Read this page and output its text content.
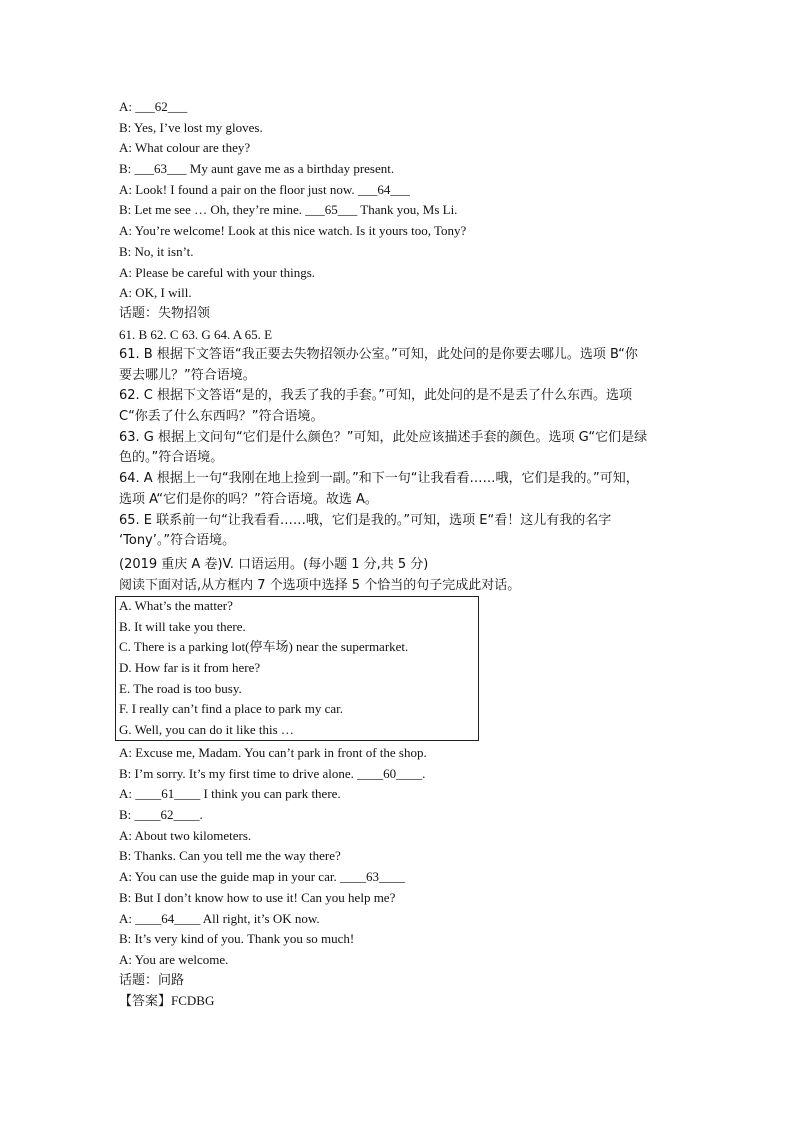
A: ___62___
B: Yes, I’ve lost my gloves.
A: What colour are they?
B: ___63___ My aunt gave me as a birthday present.
A: Look! I found a pair on the floor just now. ___64___
B: Let me see … Oh, they’re mine. ___65___ Thank you, Ms Li.
A: You’re welcome! Look at this nice watch. Is it yours too, Tony?
B: No, it isn’t.
A: Please be careful with your things.
A: OK, I will.
话题：失物招领
61. B 62. C 63. G 64. A 65. E
61. B 根据下文答语“我正要去失物招领办公室。”可知，此处问的是你要去哪儿。选项 B“你
要去哪儿？”符合语境。
62. C 根据下文答语“是的，我丢了我的手套。”可知，此处问的是不是丢了什么东西。选项
C“你丢了什么东西吗？”符合语境。
63. G 根据上文问句“它们是什么颜色？”可知，此处应该描述手套的颜色。选项 G“它们是绿
色的。”符合语境。
64. A 根据上一句“我刚在地上捡到一副。”和下一句“让我看看……哦，它们是我的。”可知，
选项 A“它们是你的吗？”符合语境。故选 A。
65. E 联系前一句“让我看看……哦，它们是我的。”可知，选项 E“看！这儿有我的名字
‘Tony’。”符合语境。
(2019 重庆 A 卷)V. 口语运用。(每小题 1 分,共 5 分)
阅读下面对话,从方框内 7 个选项中选择 5 个恰当的句子完成此对话。
A. What’s the matter?
B. It will take you there.
C. There is a parking lot(停车场) near the supermarket.
D. How far is it from here?
E. The road is too busy.
F. I really can’t find a place to park my car.
G. Well, you can do it like this …
A: Excuse me, Madam. You can’t park in front of the shop.
B: I’m sorry. It’s my first time to drive alone. ____60____.
A: ____61____ I think you can park there.
B: ____62____.
A: About two kilometers.
B: Thanks. Can you tell me the way there?
A: You can use the guide map in your car. ____63____
B: But I don’t know how to use it! Can you help me?
A: ____64____ All right, it’s OK now.
B: It’s very kind of you. Thank you so much!
A: You are welcome.
话题：问路
【答案】FCDBG
